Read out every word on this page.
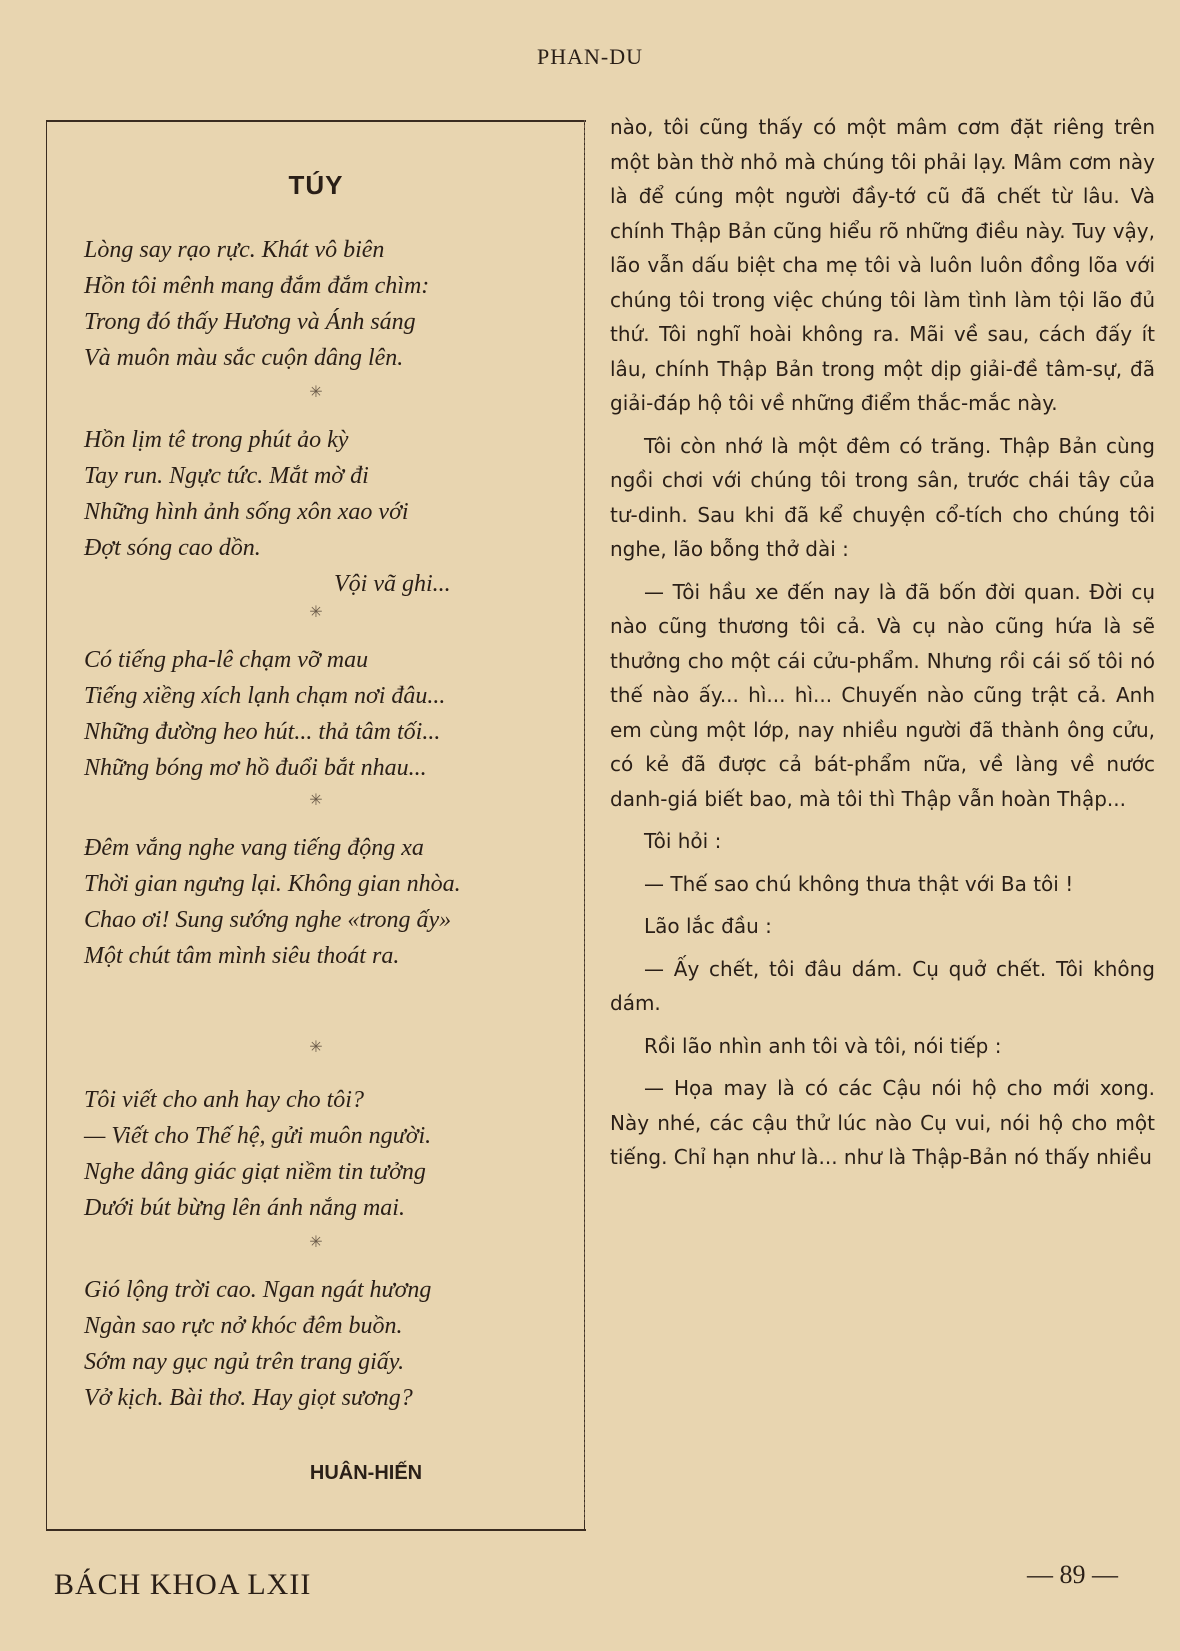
PHAN-DU
TÚY
Lòng say rạo rực. Khát vô biên
Hồn tôi mênh mang đắm đắm chìm:
Trong đó thấy Hương và Ánh sáng
Và muôn màu sắc cuộn dâng lên.
✳
Hồn lịm tê trong phút ảo kỳ
Tay run. Ngực tức. Mắt mờ đi
Những hình ảnh sống xôn xao với
Đợt sóng cao dồn.
Vội vã ghi...
✳
Có tiếng pha-lê chạm vỡ mau
Tiếng xiềng xích lạnh chạm nơi đâu...
Những đường heo hút... thả tâm tối...
Những bóng mơ hồ đuổi bắt nhau...
✳
Đêm vắng nghe vang tiếng động xa
Thời gian ngưng lại. Không gian nhòa.
Chao ơi! Sung sướng nghe «trong ấy»
Một chút tâm mình siêu thoát ra.
✳
Tôi viết cho anh hay cho tôi?
— Viết cho Thế hệ, gửi muôn người.
Nghe dâng giác giạt niềm tin tưởng
Dưới bút bừng lên ánh nắng mai.
✳
Gió lộng trời cao. Ngan ngát hương
Ngàn sao rực nở khóc đêm buồn.
Sớm nay gục ngủ trên trang giấy.
Vở kịch. Bài thơ. Hay giọt sương?
HUÂN-HIẾN

nào, tôi cũng thấy có một mâm cơm đặt riêng trên một bàn thờ nhỏ mà chúng tôi phải lạy. Mâm cơm này là để cúng một người đầy-tớ cũ đã chết từ lâu. Và chính Thập Bản cũng hiểu rõ những điều này. Tuy vậy, lão vẫn dấu biệt cha mẹ tôi và luôn luôn đồng lõa với chúng tôi trong việc chúng tôi làm tình làm tội lão đủ thứ. Tôi nghĩ hoài không ra. Mãi về sau, cách đấy ít lâu, chính Thập Bản trong một dịp giải-đề tâm-sự, đã giải-đáp hộ tôi về những điểm thắc-mắc này.

Tôi còn nhớ là một đêm có trăng. Thập Bản cùng ngồi chơi với chúng tôi trong sân, trước chái tây của tư-dinh. Sau khi đã kể chuyện cổ-tích cho chúng tôi nghe, lão bỗng thở dài :

— Tôi hầu xe đến nay là đã bốn đời quan. Đời cụ nào cũng thương tôi cả. Và cụ nào cũng hứa là sẽ thưởng cho một cái cửu-phẩm. Nhưng rồi cái số tôi nó thế nào ấy... hì... hì... Chuyến nào cũng trật cả. Anh em cùng một lớp, nay nhiều người đã thành ông cửu, có kẻ đã được cả bát-phẩm nữa, về làng về nước danh-giá biết bao, mà tôi thì Thập vẫn hoàn Thập...

Tôi hỏi :

— Thế sao chú không thưa thật với Ba tôi !

Lão lắc đầu :

— Ấy chết, tôi đâu dám. Cụ quở chết. Tôi không dám.

Rồi lão nhìn anh tôi và tôi, nói tiếp :

— Họa may là có các Cậu nói hộ cho mới xong. Này nhé, các cậu thử lúc nào Cụ vui, nói hộ cho một tiếng. Chỉ hạn như là... như là Thập-Bản nó thấy nhiều

BÁCH KHOA LXII	— 89 —
